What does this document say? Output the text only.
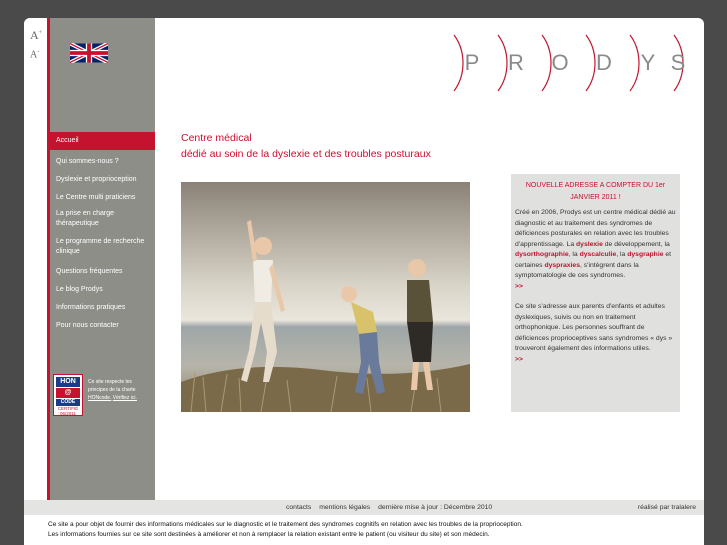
A+
A-
Accueil
Qui sommes-nous ?
Dyslexie et proprioception
Le Centre multi praticiens
La prise en charge thérapeutique
Le programme de recherche clinique
Questions fréquentes
Le blog Prodys
Informations pratiques
Pour nous contacter
HON
@
CODE
CERTIFIÉ 06/2011
Ce site respecte les principes de la charte HONcode. Vérifiez ici.
P R O D Y S
Centre médical
dédié au soin de la dyslexie et des troubles posturaux
NOUVELLE ADRESSE A COMPTER DU 1er JANVIER 2011 !
Créé en 2006, Prodys est un centre médical dédié au diagnostic et au traitement des syndromes de déficiences posturales en relation avec les troubles d'apprentissage. La dyslexie de développement, la dysorthographie, la dyscalculie, la dysgraphie et certaines dyspraxies, s'intègrent dans la symptomatologie de ces syndromes.
>>
Ce site s'adresse aux parents d'enfants et adultes dyslexiques, suivis ou non en traitement orthophonique. Les personnes souffrant de déficiences proprioceptives sans syndromes « dys » trouveront également des informations utiles.
>>
contacts mentions légales dernière mise à jour : Décembre 2010	réalisé par tralalere
Ce site a pour objet de fournir des informations médicales sur le diagnostic et le traitement des syndromes cognitifs en relation avec les troubles de la proprioception.
Les informations fournies sur ce site sont destinées à améliorer et non à remplacer la relation existant entre le patient (ou visiteur du site) et son médecin.
